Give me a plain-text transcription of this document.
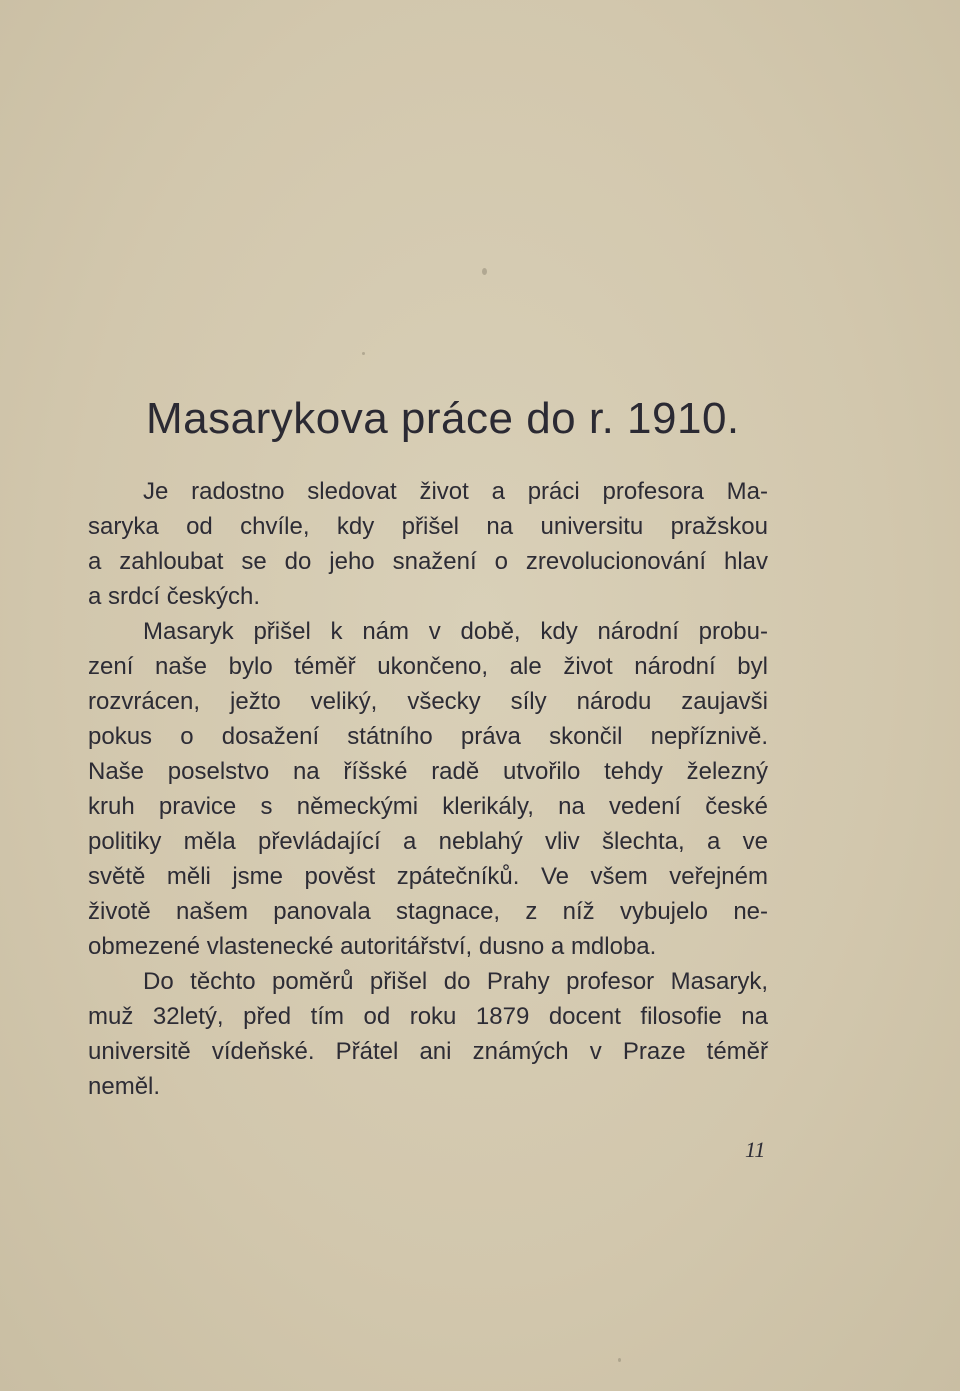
Masarykova práce do r. 1910.
Je radostno sledovat život a práci profesora Ma-
saryka od chvíle, kdy přišel na universitu pražskou
a zahloubat se do jeho snažení o zrevolucionování hlav
a srdcí českých.
Masaryk přišel k nám v době, kdy národní probu-
zení naše bylo téměř ukončeno, ale život národní byl
rozvrácen, ježto veliký, všecky síly národu zaujavši
pokus o dosažení státního práva skončil nepříznivě.
Naše poselstvo na říšské radě utvořilo tehdy železný
kruh pravice s německými klerikály, na vedení české
politiky měla převládající a neblahý vliv šlechta, a ve
světě měli jsme pověst zpátečníků. Ve všem veřejném
životě našem panovala stagnace, z níž vybujelo ne-
obmezené vlastenecké autoritářství, dusno a mdloba.
Do těchto poměrů přišel do Prahy profesor Masaryk,
muž 32letý, před tím od roku 1879 docent filosofie na
universitě vídeňské. Přátel ani známých v Praze téměř
neměl.
11
